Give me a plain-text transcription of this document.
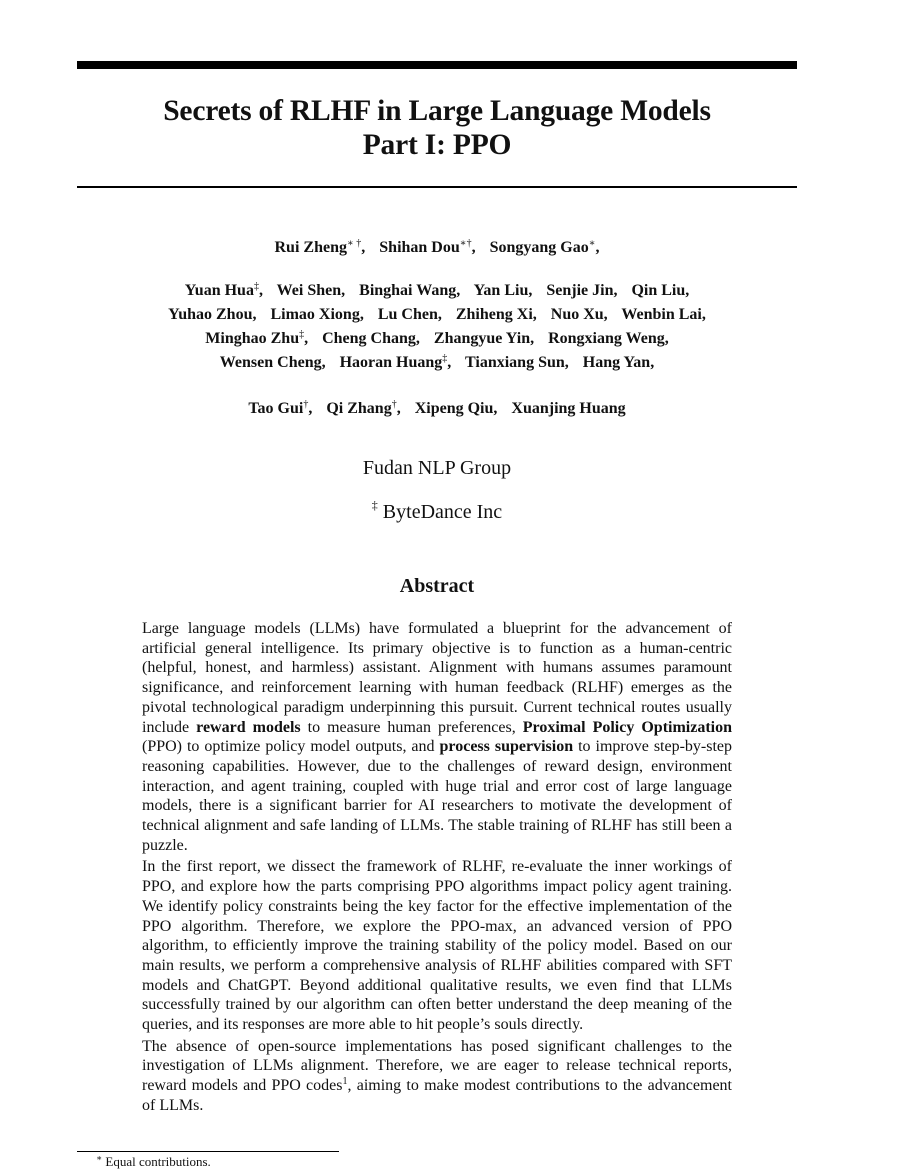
Secrets of RLHF in Large Language Models

Part I: PPO

Rui Zheng∗ †, Shihan Dou∗†, Songyang Gao∗,
Yuan Hua‡, Wei Shen, Binghai Wang, Yan Liu, Senjie Jin, Qin Liu,
Yuhao Zhou, Limao Xiong, Lu Chen, Zhiheng Xi, Nuo Xu, Wenbin Lai,
Minghao Zhu‡, Cheng Chang, Zhangyue Yin, Rongxiang Weng,
Wensen Cheng, Haoran Huang‡, Tianxiang Sun, Hang Yan,
Tao Gui†, Qi Zhang†, Xipeng Qiu, Xuanjing Huang
Fudan NLP Group
‡ ByteDance Inc
Abstract

Large language models (LLMs) have formulated a blueprint for the advancement of artificial general intelligence. Its primary objective is to function as a human-centric (helpful, honest, and harmless) assistant. Alignment with humans assumes paramount significance, and reinforcement learning with human feedback (RLHF) emerges as the pivotal technological paradigm underpinning this pursuit. Current technical routes usually include reward models to measure human preferences, Proximal Policy Optimization (PPO) to optimize policy model outputs, and process supervision to improve step-by-step reasoning capabilities. However, due to the challenges of reward design, environment interaction, and agent training, coupled with huge trial and error cost of large language models, there is a significant barrier for AI researchers to motivate the development of technical alignment and safe landing of LLMs. The stable training of RLHF has still been a puzzle.

In the first report, we dissect the framework of RLHF, re-evaluate the inner workings of PPO, and explore how the parts comprising PPO algorithms impact policy agent training. We identify policy constraints being the key factor for the effective implementation of the PPO algorithm. Therefore, we explore the PPO-max, an advanced version of PPO algorithm, to efficiently improve the training stability of the policy model. Based on our main results, we perform a comprehensive analysis of RLHF abilities compared with SFT models and ChatGPT. Beyond additional qualitative results, we even find that LLMs successfully trained by our algorithm can often better understand the deep meaning of the queries, and its responses are more able to hit people’s souls directly.

The absence of open-source implementations has posed significant challenges to the investigation of LLMs alignment. Therefore, we are eager to release technical reports, reward models and PPO codes$^1$, aiming to make modest contributions to the advancement of LLMs.

∗ Equal contributions.
